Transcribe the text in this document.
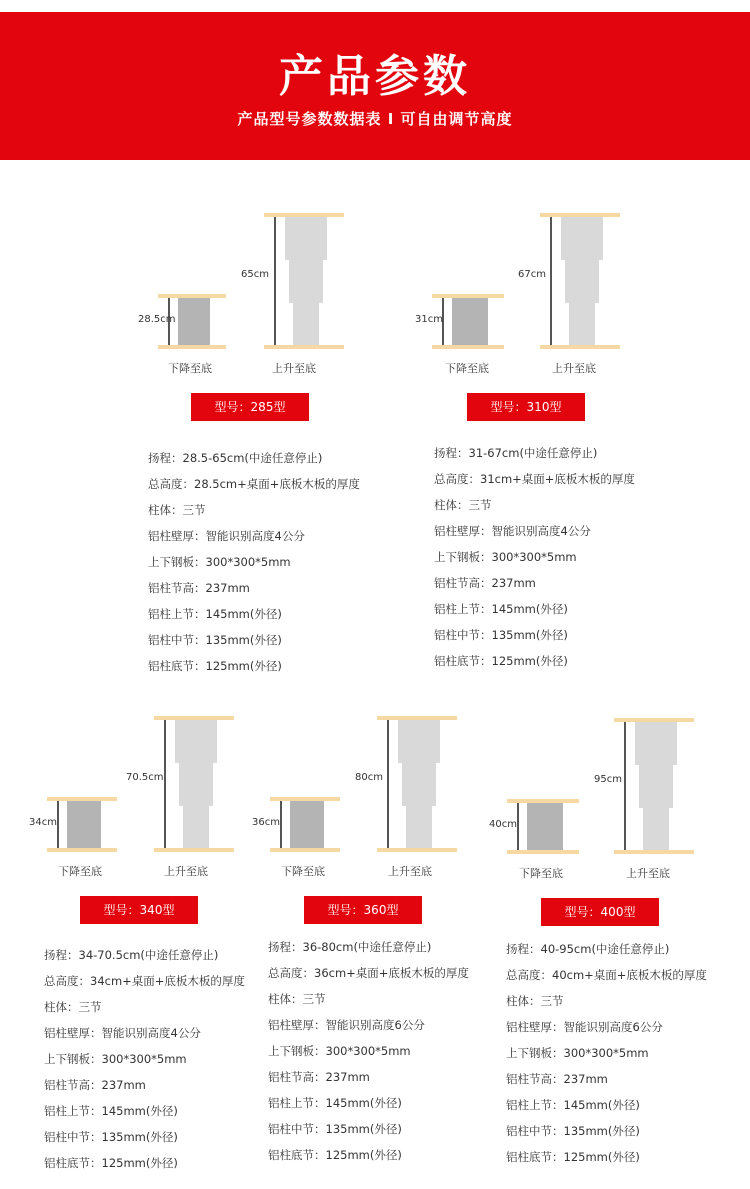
产品参数
产品型号参数数据表 I 可自由调节高度
28.5cm
65cm
下降至底	上升至底
型号：285型
扬程：28.5-65cm(中途任意停止)
总高度：28.5cm+桌面+底板木板的厚度
柱体：三节
铝柱壁厚：智能识别高度4公分
上下钢板：300*300*5mm
铝柱节高：237mm
铝柱上节：145mm(外径)
铝柱中节：135mm(外径)
铝柱底节：125mm(外径)
31cm
67cm
下降至底	上升至底
型号：310型
扬程：31-67cm(中途任意停止)
总高度：31cm+桌面+底板木板的厚度
柱体：三节
铝柱壁厚：智能识别高度4公分
上下钢板：300*300*5mm
铝柱节高：237mm
铝柱上节：145mm(外径)
铝柱中节：135mm(外径)
铝柱底节：125mm(外径)
34cm
70.5cm
下降至底	上升至底
型号：340型
扬程：34-70.5cm(中途任意停止)
总高度：34cm+桌面+底板木板的厚度
柱体：三节
铝柱壁厚：智能识别高度4公分
上下钢板：300*300*5mm
铝柱节高：237mm
铝柱上节：145mm(外径)
铝柱中节：135mm(外径)
铝柱底节：125mm(外径)
36cm
80cm
下降至底	上升至底
型号：360型
扬程：36-80cm(中途任意停止)
总高度：36cm+桌面+底板木板的厚度
柱体：三节
铝柱壁厚：智能识别高度6公分
上下钢板：300*300*5mm
铝柱节高：237mm
铝柱上节：145mm(外径)
铝柱中节：135mm(外径)
铝柱底节：125mm(外径)
40cm
95cm
下降至底	上升至底
型号：400型
扬程：40-95cm(中途任意停止)
总高度：40cm+桌面+底板木板的厚度
柱体：三节
铝柱壁厚：智能识别高度6公分
上下钢板：300*300*5mm
铝柱节高：237mm
铝柱上节：145mm(外径)
铝柱中节：135mm(外径)
铝柱底节：125mm(外径)
